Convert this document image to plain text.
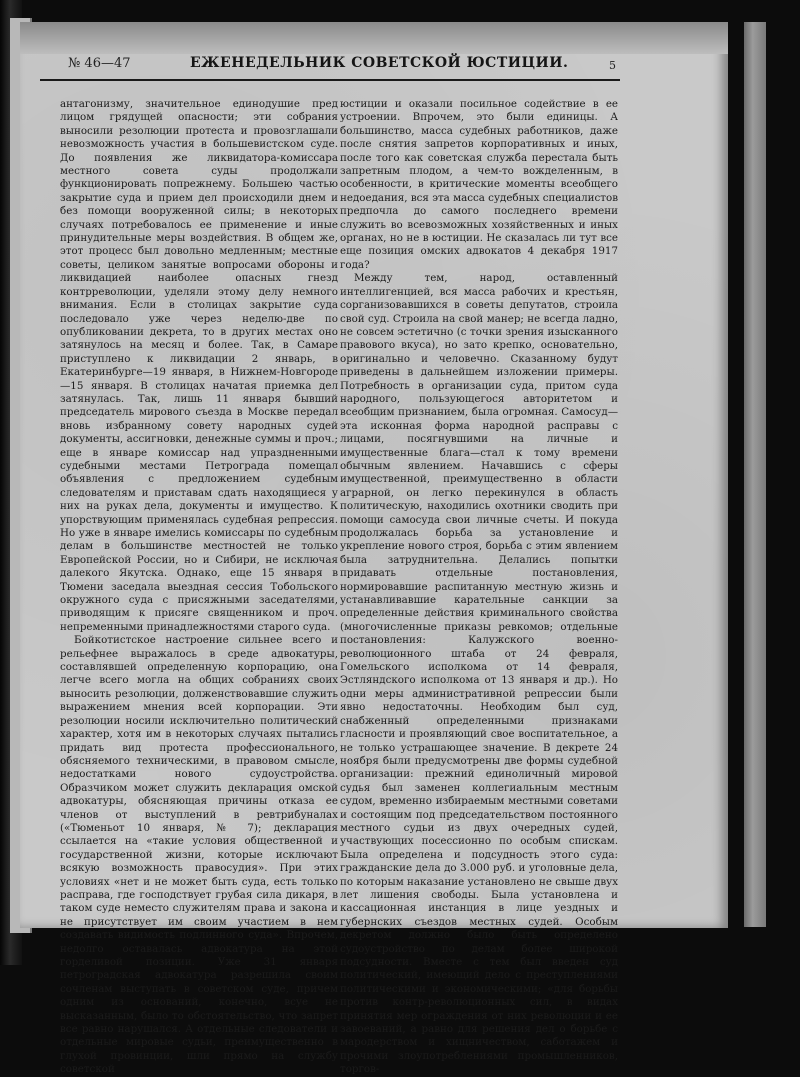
№ 46—47	ЕЖЕНЕДЕЛЬНИК СОВЕТСКОЙ ЮСТИЦИИ.	5

антагонизму, значительное единодушие пред лицом грядущей опасности; эти собрания выносили резолюции протеста и провозглашали невозможность участия в большевистском суде. До появления же ликвидатора-комиссара местного совета суды продолжали функционировать попрежнему. Большею частью закрытие суда и прием дел происходили днем и без помощи вооруженной силы; в некоторых случаях потребовалось ее применение и иные принудительные меры воздействия. В общем же, этот процесс был довольно медленным; местные советы, целиком занятые вопросами обороны и ликвидацией наиболее опасных гнезд контрреволюции, уделяли этому делу немного внимания. Если в столицах закрытие суда последовало уже через неделю-две по опубликовании декрета, то в других местах оно затянулось на месяц и более. Так, в Самаре приступлено к ликвидации 2 январь, в Екатеринбурге—19 января, в Нижнем-Новгороде—15 января. В столицах начатая приемка дел затянулась. Так, лишь 11 января бывший председатель мирового съезда в Москве передал вновь избранному совету народных судей документы, ассигновки, денежные суммы и проч.; еще в январе комиссар над упраздненными судебными местами Петрограда помещал объявления с предложением судебным следователям и приставам сдать находящиеся у них на руках дела, документы и имущество. К упорствующим применялась судебная репрессия. Но уже в январе имелись комиссары по судебным делам в большинстве местностей не только Европейской России, но и Сибири, не исключая далекого Якутска. Однако, еще 15 января в Тюмени заседала выездная сессия Тобольского окружного суда с присяжными заседателями, приводящим к присяге священником и проч. непременными принадлежностями старого суда.

Бойкотистское настроение сильнее всего и рельефнее выражалось в среде адвокатуры, составлявшей определенную корпорацию, она легче всего могла на общих собраниях своих выносить резолюции, долженствовавшие служить выражением мнения всей корпорации. Эти резолюции носили исключительно политический характер, хотя им в некоторых случаях пытались придать вид протеста профессионального, обясняемого техническими, в правовом смысле, недостатками нового судоустройства. Образчиком может служить декларация омской адвокатуры, обясняющая причины отказа ее членов от выступлений в ревтрибуналах («Тюменьот 10 января, № 7); декларация ссылается на «такие условия общественной и государственной жизни, которые исключают всякую возможность правосудия». При этих условиях «нет и не может быть суда, есть только расправа, где господствует грубая сила дикаря, в таком суде неместо служителям права и закона и не присутствует им своим участием в нем создавать видимость подлинного суда». Впрочем, недолго оставалась адвокатура на этой горделивой позиции. Уже 31 января петроградская адвокатура разрешила своим сочленам выступать в советском суде, причем одним из оснований, конечно, всуе не высказанным, было то обстоятельство, что запрет все равно нарушался. А отдельные следователи и отдельные мировые судьи, преимущественно в глухой провинции, шли прямо на службу советской

юстиции и оказали посильное содействие в ее устроении. Впрочем, это были единицы. А большинство, масса судебных работников, даже после снятия запретов корпоративных и иных, после того как советская служба перестала быть запретным плодом, а чем-то вожделенным, в особенности, в критические моменты всеобщего недоедания, вся эта масса судебных специалистов предпочла до самого последнего времени служить во всевозможных хозяйственных и иных органах, но не в юстиции. Не сказалась ли тут все еще позиция омских адвокатов 4 декабря 1917 года?

Между тем, народ, оставленный интеллигенцией, вся масса рабочих и крестьян, сорганизовавшихся в советы депутатов, строила свой суд. Строила на свой манер; не всегда ладно, не совсем эстетично (с точки зрения изысканного правового вкуса), но зато крепко, основательно, оригинально и человечно. Сказанному будут приведены в дальнейшем изложении примеры. Потребность в организации суда, притом суда народного, пользующегося авторитетом и всеобщим признанием, была огромная. Самосуд—эта исконная форма народной расправы с лицами, посягнувшими на личные и имущественные блага—стал к тому времени обычным явлением. Начавшись с сферы имущественной, преимущественно в области аграрной, он легко перекинулся в область политическую, находились охотники сводить при помощи самосуда свои личные счеты. И покуда продолжалась борьба за установление и укрепление нового строя, борьба с этим явлением была затруднительна. Делались попытки придавать отдельные постановления, нормировавшие распитанную местную жизнь и устанавливавшие карательные санкции за определенные действия криминального свойства (многочисленные приказы ревкомов; отдельные постановления: Калужского военно-революционного штаба от 24 февраля, Гомельского исполкома от 14 февраля, Эстляндского исполкома от 13 января и др.). Но одни меры административной репрессии были явно недостаточны. Необходим был суд, снабженный определенными признаками гласности и проявляющий свое воспитательное, а не только устрашающее значение. В декрете 24 ноября были предусмотрены две формы судебной организации: прежний единоличный мировой судья был заменен коллегиальным местным судом, временно избираемым местными советами и состоящим под председательством постоянного местного судьи из двух очередных судей, участвующих посессионно по особым спискам. Была определена и подсудность этого суда: гражданские дела до 3.000 руб. и уголовные дела, по которым наказание установлено не свыше двух лет лишения свободы. Была установлена и кассационная инстанция в лице уездных и губернских съездов местных судей. Особым декретом должно было быть определено судоустройство по делам более широкой подсудности. Вместе с тем был введен суд политический, имеющий дело с преступлениями политическими и экономическими; «для борьбы против контр-революционных сил, в видах принятия мер ограждения от них революции и ее завоеваний, а равно для решения дел о борьбе с мародерством и хищничеством, саботажем и прочими злоупотреблениями промышленников, торгов-
